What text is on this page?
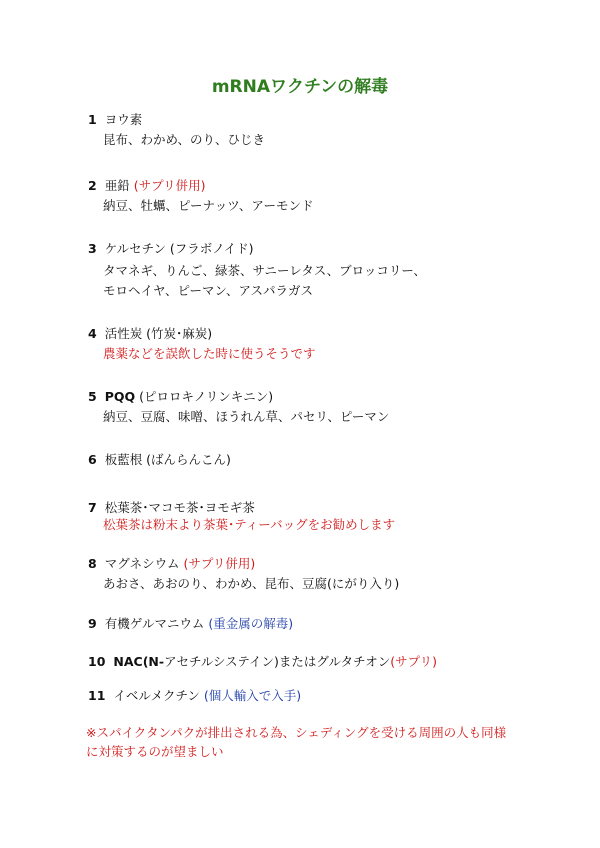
mRNAワクチンの解毒
1 ヨウ素
昆布、わかめ、のり、ひじき
2 亜鉛 (サプリ併用)
納豆、牡蠣、ピーナッツ、アーモンド
3 ケルセチン (フラボノイド)
タマネギ、りんご、緑茶、サニーレタス、ブロッコリー、
モロヘイヤ、ピーマン、アスパラガス
4 活性炭 (竹炭･麻炭)
農薬などを誤飲した時に使うそうです
5 PQQ (ピロロキノリンキニン)
納豆、豆腐、味噌、ほうれん草、パセリ、ピーマン
6 板藍根 (ばんらんこん)
7 松葉茶･マコモ茶･ヨモギ茶
松葉茶は粉末より茶葉･ティーバッグをお勧めします
8 マグネシウム (サプリ併用)
あおさ、あおのり、わかめ、昆布、豆腐(にがり入り)
9 有機ゲルマニウム (重金属の解毒)
10 NAC(N-アセチルシステイン)またはグルタチオン(サプリ)
11 イベルメクチン (個人輸入で入手)
※スパイクタンパクが排出される為、シェディングを受ける周囲の人も同様
に対策するのが望ましい
